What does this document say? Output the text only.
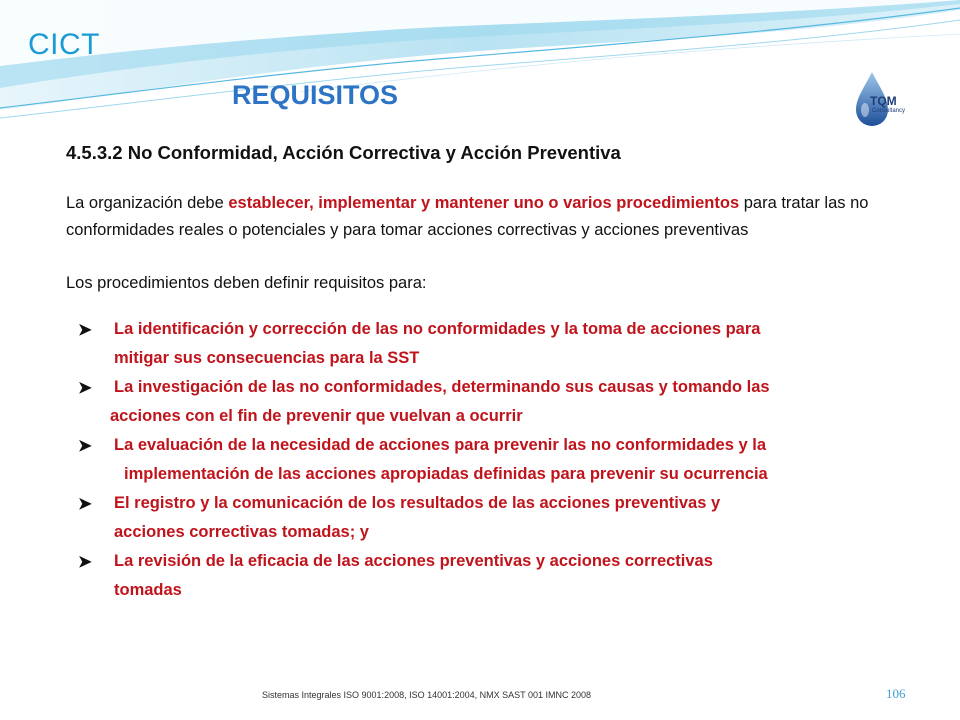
CICT
REQUISITOS	TQM
Consultancy
4.5.3.2 No Conformidad, Acción Correctiva y Acción Preventiva

La organización debe establecer, implementar y mantener uno o varios procedimientos para tratar las no conformidades reales o potenciales y para tomar acciones correctivas y acciones preventivas

Los procedimientos deben definir requisitos para:

➤ La identificación y corrección de las no conformidades y la toma de acciones para
mitigar sus consecuencias para la SST
➤ La investigación de las no conformidades, determinando sus causas y tomando las
acciones con el fin de prevenir que vuelvan a ocurrir
➤ La evaluación de la necesidad de acciones para prevenir las no conformidades y la
implementación de las acciones apropiadas definidas para prevenir su ocurrencia
➤ El registro y la comunicación de los resultados de las acciones preventivas y
acciones correctivas tomadas; y
➤ La revisión de la eficacia de las acciones preventivas y acciones correctivas
tomadas
Sistemas Integrales ISO 9001:2008, ISO 14001:2004, NMX SAST 001 IMNC 2008	106
